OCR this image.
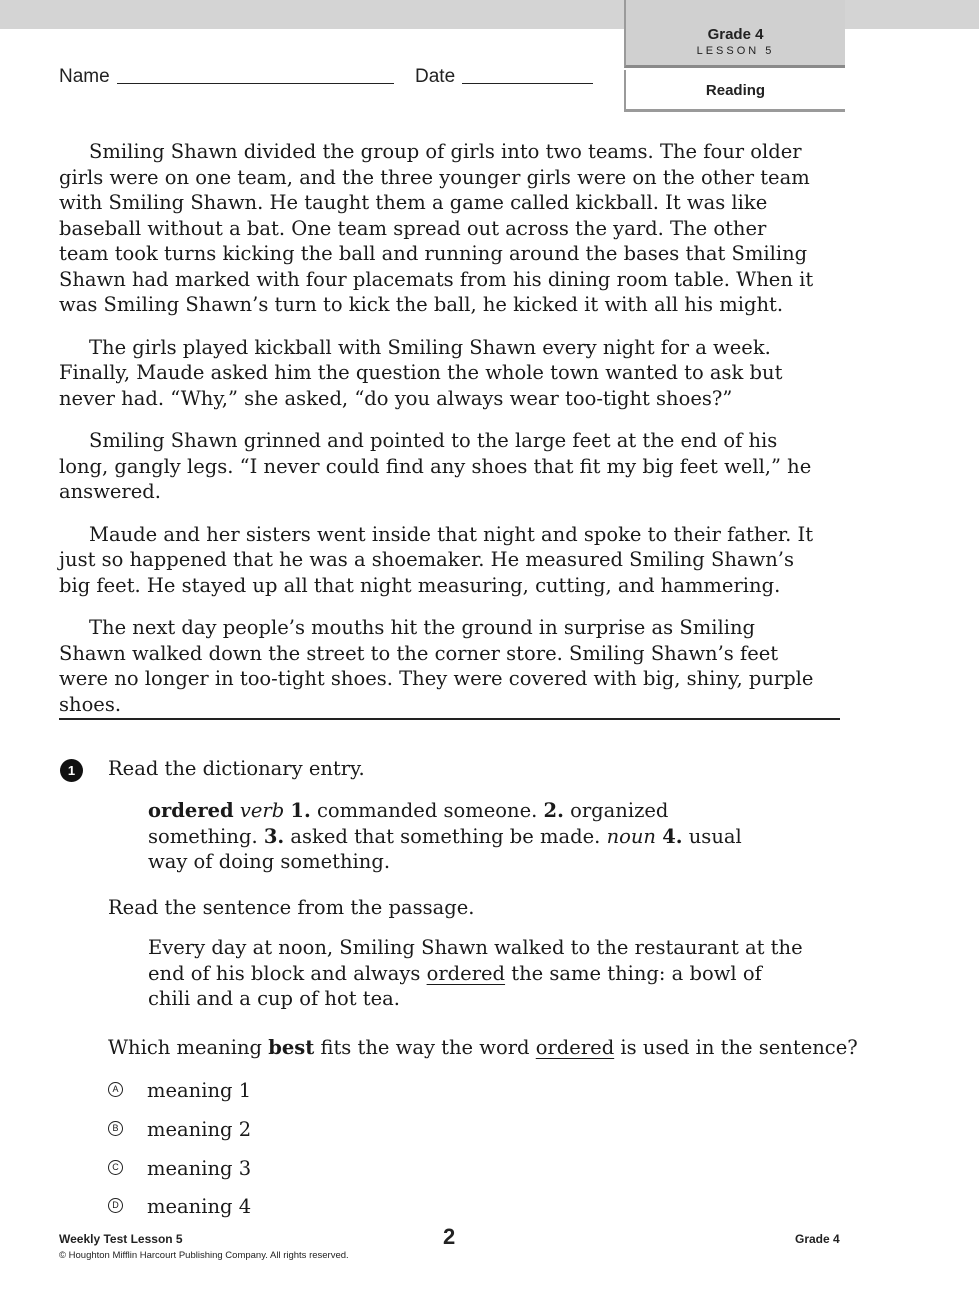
Grade 4
LESSON 5
Reading
Name	Date

Smiling Shawn divided the group of girls into two teams. The four older girls were on one team, and the three younger girls were on the other team with Smiling Shawn. He taught them a game called kickball. It was like baseball without a bat. One team spread out across the yard. The other team took turns kicking the ball and running around the bases that Smiling Shawn had marked with four placemats from his dining room table. When it was Smiling Shawn’s turn to kick the ball, he kicked it with all his might.

The girls played kickball with Smiling Shawn every night for a week. Finally, Maude asked him the question the whole town wanted to ask but never had. “Why,” she asked, “do you always wear too-tight shoes?”

Smiling Shawn grinned and pointed to the large feet at the end of his long, gangly legs. “I never could find any shoes that fit my big feet well,” he answered.

Maude and her sisters went inside that night and spoke to their father. It just so happened that he was a shoemaker. He measured Smiling Shawn’s big feet. He stayed up all that night measuring, cutting, and hammering.

The next day people’s mouths hit the ground in surprise as Smiling Shawn walked down the street to the corner store. Smiling Shawn’s feet were no longer in too-tight shoes. They were covered with big, shiny, purple shoes.

1	Read the dictionary entry.
ordered verb 1. commanded someone. 2. organized something. 3. asked that something be made. noun 4. usual way of doing something.
Read the sentence from the passage.
Every day at noon, Smiling Shawn walked to the restaurant at the end of his block and always ordered the same thing: a bowl of chili and a cup of hot tea.
Which meaning best fits the way the word ordered is used in the sentence?
A meaning 1
B meaning 2
C meaning 3
D meaning 4
Weekly Test Lesson 5
© Houghton Mifflin Harcourt Publishing Company. All rights reserved.
2	Grade 4
